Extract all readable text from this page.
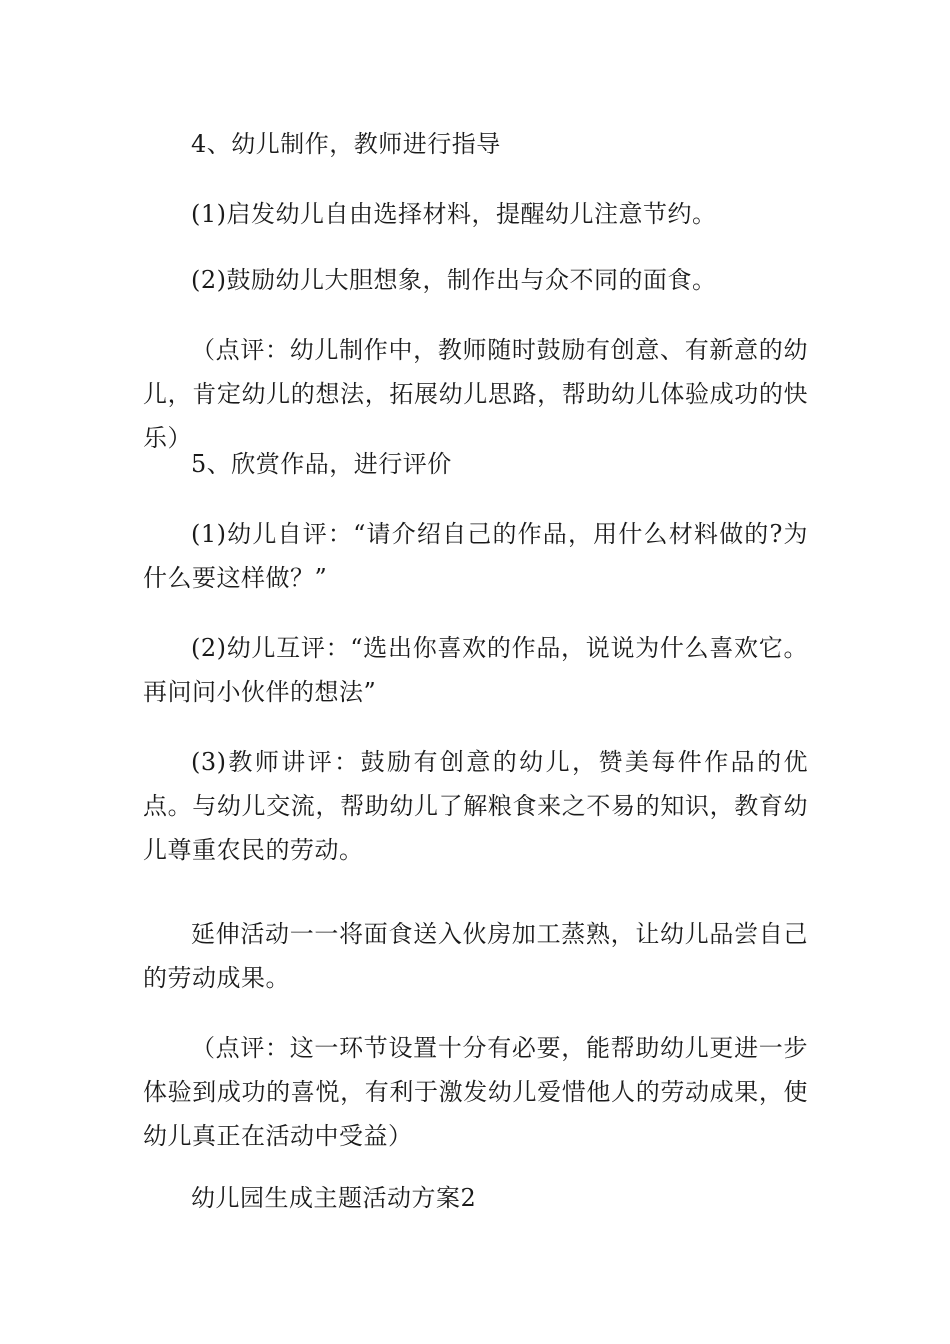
4、幼儿制作，教师进行指导

(1)启发幼儿自由选择材料，提醒幼儿注意节约。

(2)鼓励幼儿大胆想象，制作出与众不同的面食。

（点评：幼儿制作中，教师随时鼓励有创意、有新意的幼儿，肯定幼儿的想法，拓展幼儿思路，帮助幼儿体验成功的快乐）

5、欣赏作品，进行评价

(1)幼儿自评：“请介绍自己的作品，用什么材料做的?为什么要这样做？”

(2)幼儿互评：“选出你喜欢的作品，说说为什么喜欢它。再问问小伙伴的想法”

(3)教师讲评：鼓励有创意的幼儿，赞美每件作品的优点。与幼儿交流，帮助幼儿了解粮食来之不易的知识，教育幼儿尊重农民的劳动。

延伸活动一一将面食送入伙房加工蒸熟，让幼儿品尝自己的劳动成果。

（点评：这一环节设置十分有必要，能帮助幼儿更进一步体验到成功的喜悦，有利于激发幼儿爱惜他人的劳动成果，使幼儿真正在活动中受益）

幼儿园生成主题活动方案2
